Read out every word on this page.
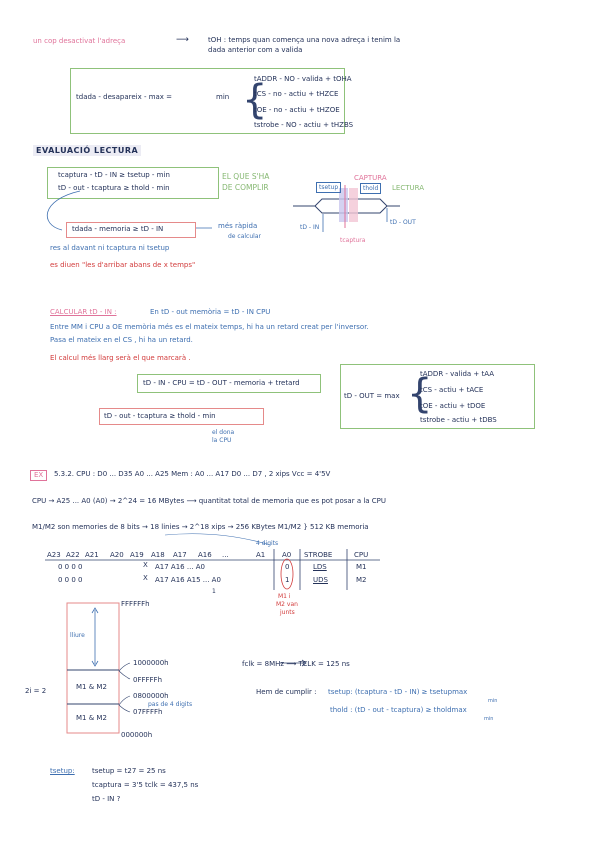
un cop desactivat l'adreça	⟶	tOH : temps quan comença una nova adreça i tenim la
dada anterior com a valida
tdada - desapareix - max =	min {
tADDR - NO - valida + tOHA
tCS - no - actiu + tHZCE
tOE - no - actiu + tHZOE
tstrobe - NO - actiu + tHZBS
EVALUACIÓ LECTURA
tcaptura - tD - IN ≥ tsetup - min
tD - out - tcaptura ≥ thold - min
EL QUE S'HA
DE COMPLIR	tsetup	thold
CAPTURA
LECTURA
tD - IN
tD - OUT
tcaptura
tdada - memoria ≥ tD - IN	més ràpida
de calcular
res al davant ni tcaptura ni tsetup
es diuen "les d'arribar abans de x temps"
CALCULAR tD - IN :	En tD - out memòria = tD - IN CPU
Entre MM i CPU a OE memòria més es el mateix temps, hi ha un retard creat per l'inversor.
Pasa el mateix en el CS , hi ha un retard.
El calcul més llarg serà el que marcarà .
tD - IN - CPU = tD - OUT - memoria + tretard
tD - out - tcaptura ≥ thold - min
el dona
la CPU
tD - OUT = max {
tADDR - valida + tAA
tCS - actiu + tACE
tOE - actiu + tDOE
tstrobe - actiu + tDBS
EX	5.3.2. CPU : D0 ... D35 A0 ... A25 Mem : A0 ... A17 D0 ... D7 , 2 xips Vcc = 4'5V
CPU → A25 ... A0 (A0) → 2^24 = 16 MBytes ⟶ quantitat total de memoria que es pot posar a la CPU
M1/M2 son memories de 8 bits → 18 linies → 2^18 xips → 256 KBytes M1/M2 } 512 KB memoria
4 digits
A23 A22 A21 A20 A19 A18 A17 A16 ...	A1 A0 STROBE	CPU
0 0 0 0	X A17 A16 ... A0	0	LDS	M1
0 0 0 0	X A17 A16 A15 ... A0	1	UDS	M2
1
M1 i
M2 van
junts
FFFFFFh
lliure
1000000h
0FFFFFh
0800000h
07FFFFh
000000h
pas de 4 digits
M1 & M2
M1 & M2
2i = 2
fclk = 8MHz ⟶ TCLK = 125 ns
Hem de cumplir : tsetup: (tcaptura - tD - IN) ≥ tsetupmax
min
thold : (tD - out - tcaptura) ≥ tholdmax
min
tsetup: tsetup = t27 = 25 ns
tcaptura = 3'5 tclk = 437,5 ns
tD - IN ?
